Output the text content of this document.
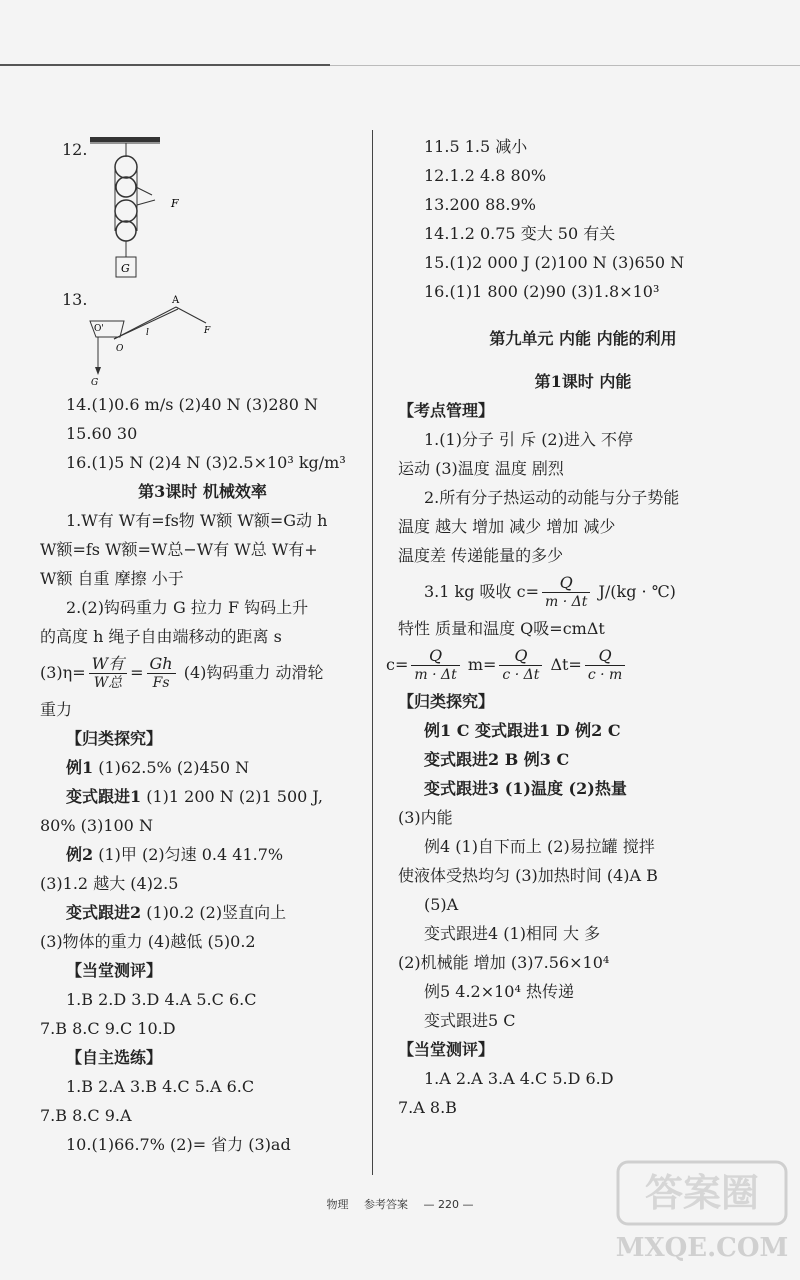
12.
F
G
13.	A
O'
O
l	F
G

14.(1)0.6 m/s (2)40 N (3)280 N

15.60 30

16.(1)5 N (2)4 N (3)2.5×10³ kg/m³

第3课时 机械效率

1.W有 W有=fs物 W额 W额=G动 h

W额=fs W额=W总−W有 W总 W有+

W额 自重 摩擦 小于

2.(2)钩码重力 G 拉力 F 钩码上升

的高度 h 绳子自由端移动的距离 s

$(3)\eta= \frac{\text{W有}}{\text{W总}} = \frac{Gh}{Fs} (4)$钩码重力 动滑轮

重力

【归类探究】

例1 (1)62.5% (2)450 N

变式跟进1 (1)1 200 N (2)1 500 J,

80% (3)100 N

例2 (1)甲 (2)匀速 0.4 41.7%

(3)1.2 越大 (4)2.5

变式跟进2 (1)0.2 (2)竖直向上

(3)物体的重力 (4)越低 (5)0.2

【当堂测评】

1.B 2.D 3.D 4.A 5.C 6.C

7.B 8.C 9.C 10.D

【自主选练】

1.B 2.A 3.B 4.C 5.A 6.C

7.B 8.C 9.A

10.(1)66.7% (2)= 省力 (3)ad

11.5 1.5 减小

12.1.2 4.8 80%

13.200 88.9%

14.1.2 0.75 变大 50 有关

15.(1)2 000 J (2)100 N (3)650 N

16.(1)1 800 (2)90 (3)1.8×10³

第九单元 内能 内能的利用

第1课时 内能

【考点管理】

1.(1)分子 引 斥 (2)进入 不停

运动 (3)温度 温度 剧烈

2.所有分子热运动的动能与分子势能

温度 越大 增加 减少 增加 减少

温度差 传递能量的多少

3.1 kg 吸收 $c= \frac{Q}{m \cdot \Delta t} J/(kg$ · ℃)

特性 质量和温度 Q吸=cmΔt

$c= \frac{Q}{m \cdot \Delta t} m= \frac{Q}{c \cdot \Delta t} \Delta t= \frac{Q}{c \cdot m}$

【归类探究】

例1 C 变式跟进1 D 例2 C

变式跟进2 B 例3 C

变式跟进3 (1)温度 (2)热量

(3)内能

例4 (1)自下而上 (2)易拉罐 搅拌

使液体受热均匀 (3)加热时间 (4)A B

(5)A

变式跟进4 (1)相同 大 多

(2)机械能 增加 (3)7.56×10⁴

例5 4.2×10⁴ 热传递

变式跟进5 C

【当堂测评】

1.A 2.A 3.A 4.C 5.D 6.D

7.A 8.B

物理 参考答案 — 220 —	答案圈
MXQE.COM
